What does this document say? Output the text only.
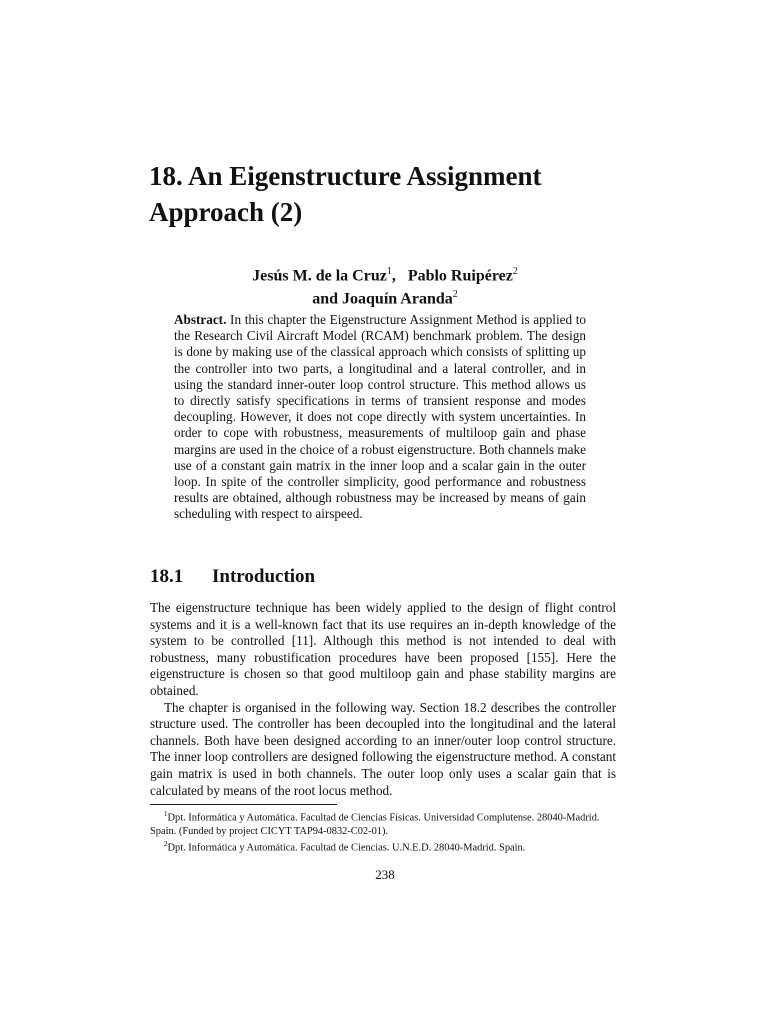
18. An Eigenstructure Assignment
Approach (2)
Jesús M. de la Cruz$^1$, Pablo Ruipérez$^2$
and Joaquín Aranda$^2$

Abstract. In this chapter the Eigenstructure Assignment Method is applied to the Research Civil Aircraft Model (RCAM) benchmark problem. The design is done by making use of the classical approach which consists of splitting up the controller into two parts, a longitudinal and a lateral controller, and in using the standard inner-outer loop control structure. This method allows us to directly satisfy specifications in terms of transient response and modes decoupling. However, it does not cope directly with system uncertainties. In order to cope with robustness, measurements of multiloop gain and phase margins are used in the choice of a robust eigenstructure. Both channels make use of a constant gain matrix in the inner loop and a scalar gain in the outer loop. In spite of the controller simplicity, good performance and robustness results are obtained, although robustness may be increased by means of gain scheduling with respect to airspeed.

18.1 Introduction

The eigenstructure technique has been widely applied to the design of flight control systems and it is a well-known fact that its use requires an in-depth knowledge of the system to be controlled [11]. Although this method is not intended to deal with robustness, many robustification procedures have been proposed [155]. Here the eigenstructure is chosen so that good multiloop gain and phase stability margins are obtained.

The chapter is organised in the following way. Section 18.2 describes the controller structure used. The controller has been decoupled into the longitudinal and the lateral channels. Both have been designed according to an inner/outer loop control structure. The inner loop controllers are designed following the eigenstructure method. A constant gain matrix is used in both channels. The outer loop only uses a scalar gain that is calculated by means of the root locus method.

$^1$Dpt. Informática y Automática. Facultad de Ciencias Físicas. Universidad Complutense. 28040-Madrid. Spain. (Funded by project CICYT TAP94-0832-C02-01).

$^2$Dpt. Informática y Automática. Facultad de Ciencias. U.N.E.D. 28040-Madrid. Spain.

238
